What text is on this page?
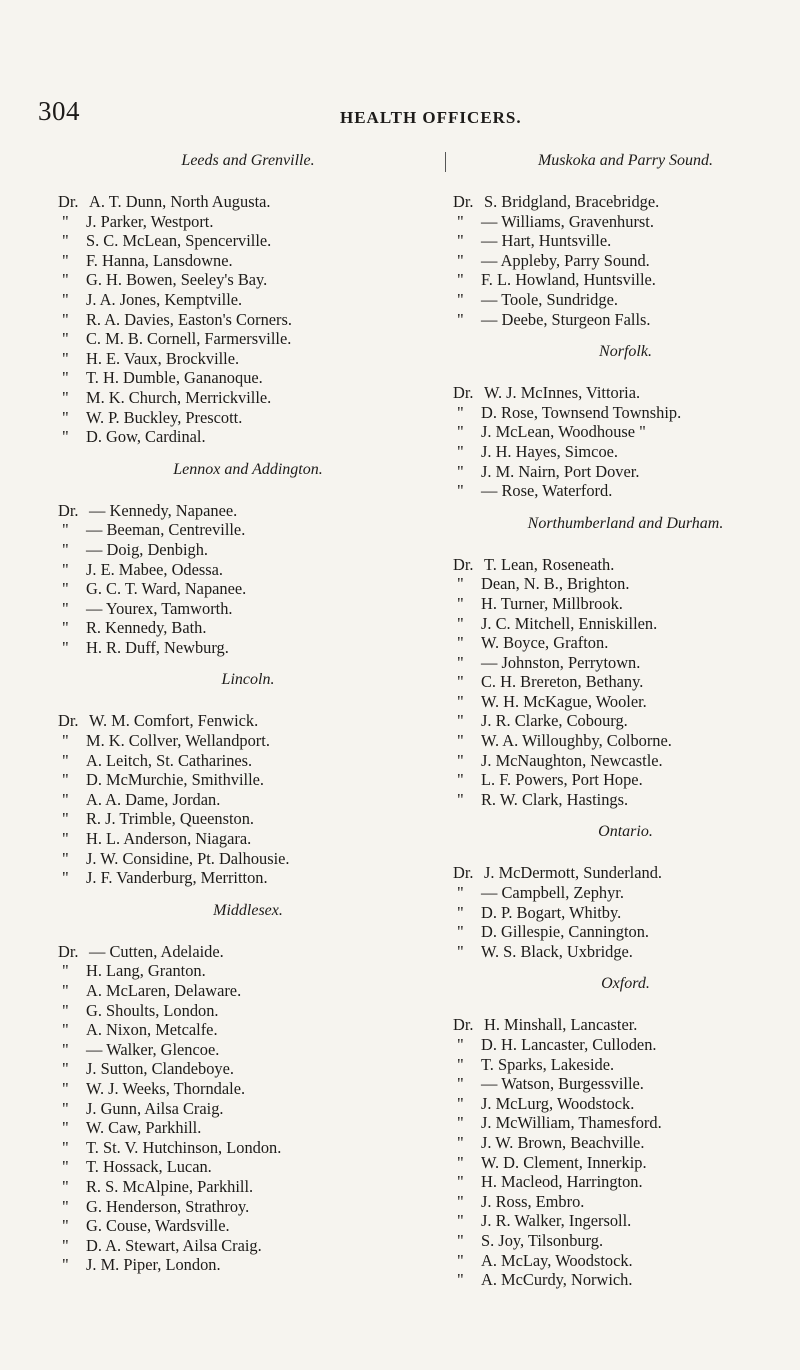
304	HEALTH OFFICERS.
Leeds and Grenville.
Dr. A. T. Dunn, North Augusta.
"	J. Parker, Westport.
"	S. C. McLean, Spencerville.
"	F. Hanna, Lansdowne.
"	G. H. Bowen, Seeley's Bay.
"	J. A. Jones, Kemptville.
"	R. A. Davies, Easton's Corners.
"	C. M. B. Cornell, Farmersville.
"	H. E. Vaux, Brockville.
"	T. H. Dumble, Gananoque.
"	M. K. Church, Merrickville.
"	W. P. Buckley, Prescott.
"	D. Gow, Cardinal.
Lennox and Addington.
Dr. — Kennedy, Napanee.
"	— Beeman, Centreville.
"	— Doig, Denbigh.
"	J. E. Mabee, Odessa.
"	G. C. T. Ward, Napanee.
"	— Yourex, Tamworth.
"	R. Kennedy, Bath.
"	H. R. Duff, Newburg.
Lincoln.
Dr. W. M. Comfort, Fenwick.
"	M. K. Collver, Wellandport.
"	A. Leitch, St. Catharines.
"	D. McMurchie, Smithville.
"	A. A. Dame, Jordan.
"	R. J. Trimble, Queenston.
"	H. L. Anderson, Niagara.
"	J. W. Considine, Pt. Dalhousie.
"	J. F. Vanderburg, Merritton.
Middlesex.
Dr. — Cutten, Adelaide.
"	H. Lang, Granton.
"	A. McLaren, Delaware.
"	G. Shoults, London.
"	A. Nixon, Metcalfe.
"	— Walker, Glencoe.
"	J. Sutton, Clandeboye.
"	W. J. Weeks, Thorndale.
"	J. Gunn, Ailsa Craig.
"	W. Caw, Parkhill.
"	T. St. V. Hutchinson, London.
"	T. Hossack, Lucan.
"	R. S. McAlpine, Parkhill.
"	G. Henderson, Strathroy.
"	G. Couse, Wardsville.
"	D. A. Stewart, Ailsa Craig.
"	J. M. Piper, London.
Muskoka and Parry Sound.
Dr. S. Bridgland, Bracebridge.
"	— Williams, Gravenhurst.
"	— Hart, Huntsville.
"	— Appleby, Parry Sound.
"	F. L. Howland, Huntsville.
"	— Toole, Sundridge.
"	— Deebe, Sturgeon Falls.
Norfolk.
Dr. W. J. McInnes, Vittoria.
"	D. Rose, Townsend Township.
"	J. McLean, Woodhouse "
"	J. H. Hayes, Simcoe.
"	J. M. Nairn, Port Dover.
"	— Rose, Waterford.
Northumberland and Durham.
Dr. T. Lean, Roseneath.
"	Dean, N. B., Brighton.
"	H. Turner, Millbrook.
"	J. C. Mitchell, Enniskillen.
"	W. Boyce, Grafton.
"	— Johnston, Perrytown.
"	C. H. Brereton, Bethany.
"	W. H. McKague, Wooler.
"	J. R. Clarke, Cobourg.
"	W. A. Willoughby, Colborne.
"	J. McNaughton, Newcastle.
"	L. F. Powers, Port Hope.
"	R. W. Clark, Hastings.
Ontario.
Dr. J. McDermott, Sunderland.
"	— Campbell, Zephyr.
"	D. P. Bogart, Whitby.
"	D. Gillespie, Cannington.
"	W. S. Black, Uxbridge.
Oxford.
Dr. H. Minshall, Lancaster.
"	D. H. Lancaster, Culloden.
"	T. Sparks, Lakeside.
"	— Watson, Burgessville.
"	J. McLurg, Woodstock.
"	J. McWilliam, Thamesford.
"	J. W. Brown, Beachville.
"	W. D. Clement, Innerkip.
"	H. Macleod, Harrington.
"	J. Ross, Embro.
"	J. R. Walker, Ingersoll.
"	S. Joy, Tilsonburg.
"	A. McLay, Woodstock.
"	A. McCurdy, Norwich.
